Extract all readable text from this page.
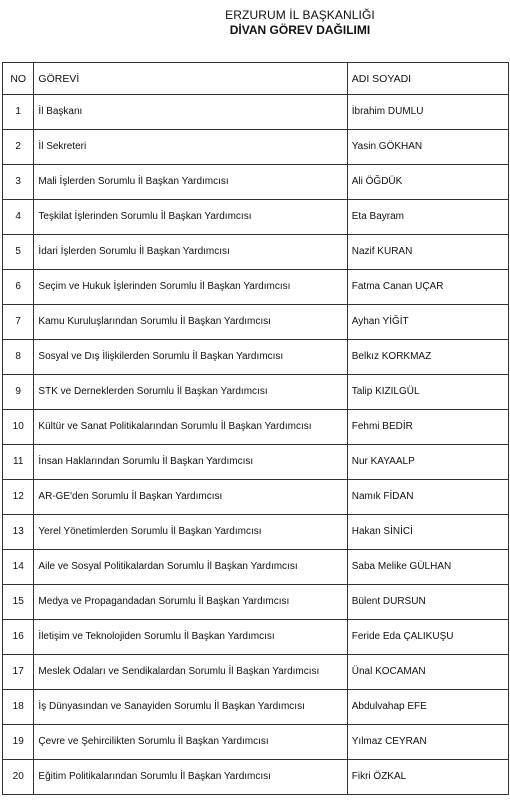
ERZURUM İL BAŞKANLIĞI
DİVAN GÖREV DAĞILIMI
NO	GÖREVİ	ADI SOYADI
1	İl Başkanı	İbrahim DUMLU
2	İl Sekreteri	Yasin GÖKHAN
3	Mali İşlerden Sorumlu İl Başkan Yardımcısı	Ali ÖĞDÜK
4	Teşkilat İşlerinden Sorumlu İl Başkan Yardımcısı	Eta Bayram
5	İdari İşlerden Sorumlu İl Başkan Yardımcısı	Nazif KURAN
6	Seçim ve Hukuk İşlerinden Sorumlu İl Başkan Yardımcısı	Fatma Canan UÇAR
7	Kamu Kuruluşlarından Sorumlu İl Başkan Yardımcısı	Ayhan YİĞİT
8	Sosyal ve Dış İlişkilerden Sorumlu İl Başkan Yardımcısı	Belkız KORKMAZ
9	STK ve Derneklerden Sorumlu İl Başkan Yardımcısı	Talip KIZILGÜL
10	Kültür ve Sanat Politikalarından Sorumlu İl Başkan Yardımcısı	Fehmi BEDİR
11	İnsan Haklarından Sorumlu İl Başkan Yardımcısı	Nur KAYAALP
12	AR-GE'den Sorumlu İl Başkan Yardımcısı	Namık FİDAN
13	Yerel Yönetimlerden Sorumlu İl Başkan Yardımcısı	Hakan SİNİCİ
14	Aile ve Sosyal Politikalardan Sorumlu İl Başkan Yardımcısı	Saba Melike GÜLHAN
15	Medya ve Propagandadan Sorumlu İl Başkan Yardımcısı	Bülent DURSUN
16	İletişim ve Teknolojiden Sorumlu İl Başkan Yardımcısı	Feride Eda ÇALIKUŞU
17	Meslek Odaları ve Sendikalardan Sorumlu İl Başkan Yardımcısı	Ünal KOCAMAN
18	İş Dünyasından ve Sanayiden Sorumlu İl Başkan Yardımcısı	Abdulvahap EFE
19	Çevre ve Şehircilikten Sorumlu İl Başkan Yardımcısı	Yılmaz CEYRAN
20	Eğitim Politikalarından Sorumlu İl Başkan Yardımcısı	Fikri ÖZKAL
